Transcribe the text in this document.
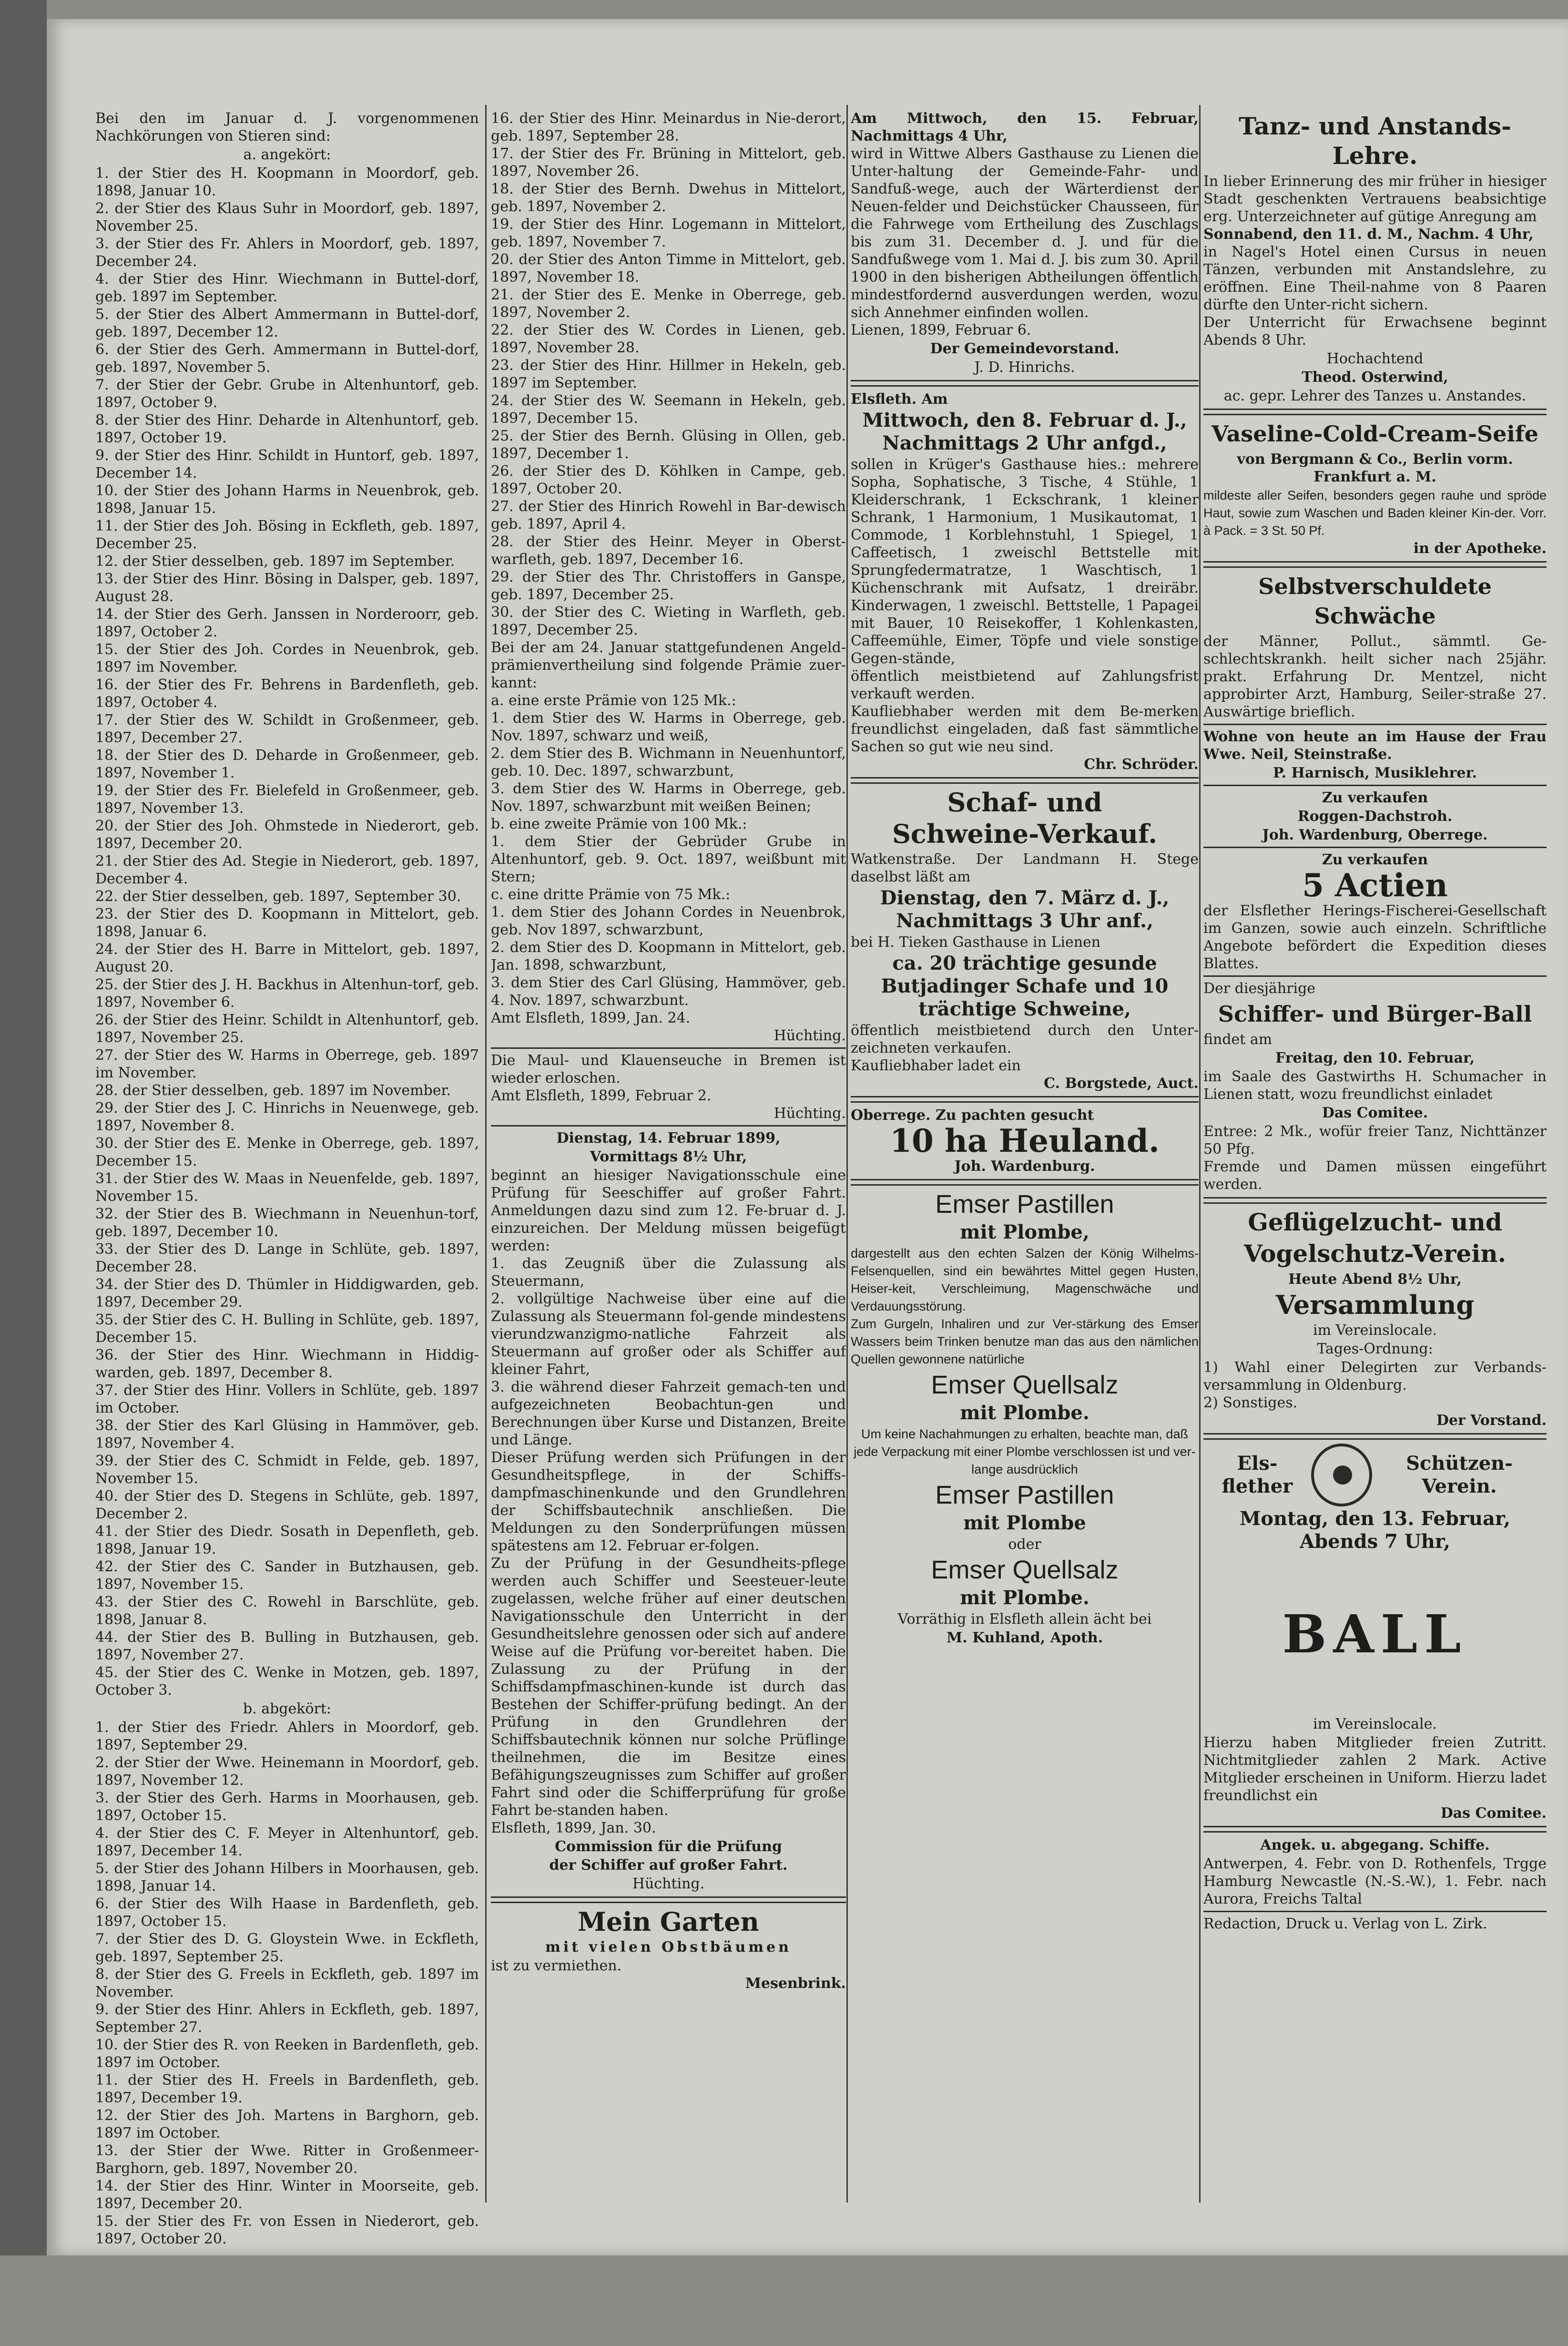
Bei den im Januar d. J. vorgenommenen Nachkörungen von Stieren sind:

a. angekört:

1. der Stier des H. Koopmann in Moordorf, geb. 1898, Januar 10.

2. der Stier des Klaus Suhr in Moordorf, geb. 1897, November 25.

3. der Stier des Fr. Ahlers in Moordorf, geb. 1897, December 24.

4. der Stier des Hinr. Wiechmann in Buttel-dorf, geb. 1897 im September.

5. der Stier des Albert Ammermann in Buttel-dorf, geb. 1897, December 12.

6. der Stier des Gerh. Ammermann in Buttel-dorf, geb. 1897, November 5.

7. der Stier der Gebr. Grube in Altenhuntorf, geb. 1897, October 9.

8. der Stier des Hinr. Deharde in Altenhuntorf, geb. 1897, October 19.

9. der Stier des Hinr. Schildt in Huntorf, geb. 1897, December 14.

10. der Stier des Johann Harms in Neuenbrok, geb. 1898, Januar 15.

11. der Stier des Joh. Bösing in Eckfleth, geb. 1897, December 25.

12. der Stier desselben, geb. 1897 im September.

13. der Stier des Hinr. Bösing in Dalsper, geb. 1897, August 28.

14. der Stier des Gerh. Janssen in Norderoorr, geb. 1897, October 2.

15. der Stier des Joh. Cordes in Neuenbrok, geb. 1897 im November.

16. der Stier des Fr. Behrens in Bardenfleth, geb. 1897, October 4.

17. der Stier des W. Schildt in Großenmeer, geb. 1897, December 27.

18. der Stier des D. Deharde in Großenmeer, geb. 1897, November 1.

19. der Stier des Fr. Bielefeld in Großenmeer, geb. 1897, November 13.

20. der Stier des Joh. Ohmstede in Niederort, geb. 1897, December 20.

21. der Stier des Ad. Stegie in Niederort, geb. 1897, December 4.

22. der Stier desselben, geb. 1897, September 30.

23. der Stier des D. Koopmann in Mittelort, geb. 1898, Januar 6.

24. der Stier des H. Barre in Mittelort, geb. 1897, August 20.

25. der Stier des J. H. Backhus in Altenhun-torf, geb. 1897, November 6.

26. der Stier des Heinr. Schildt in Altenhuntorf, geb. 1897, November 25.

27. der Stier des W. Harms in Oberrege, geb. 1897 im November.

28. der Stier desselben, geb. 1897 im November.

29. der Stier des J. C. Hinrichs in Neuenwege, geb. 1897, November 8.

30. der Stier des E. Menke in Oberrege, geb. 1897, December 15.

31. der Stier des W. Maas in Neuenfelde, geb. 1897, November 15.

32. der Stier des B. Wiechmann in Neuenhun-torf, geb. 1897, December 10.

33. der Stier des D. Lange in Schlüte, geb. 1897, December 28.

34. der Stier des D. Thümler in Hiddigwarden, geb. 1897, December 29.

35. der Stier des C. H. Bulling in Schlüte, geb. 1897, December 15.

36. der Stier des Hinr. Wiechmann in Hiddig-warden, geb. 1897, December 8.

37. der Stier des Hinr. Vollers in Schlüte, geb. 1897 im October.

38. der Stier des Karl Glüsing in Hammöver, geb. 1897, November 4.

39. der Stier des C. Schmidt in Felde, geb. 1897, November 15.

40. der Stier des D. Stegens in Schlüte, geb. 1897, December 2.

41. der Stier des Diedr. Sosath in Depenfleth, geb. 1898, Januar 19.

42. der Stier des C. Sander in Butzhausen, geb. 1897, November 15.

43. der Stier des C. Rowehl in Barschlüte, geb. 1898, Januar 8.

44. der Stier des B. Bulling in Butzhausen, geb. 1897, November 27.

45. der Stier des C. Wenke in Motzen, geb. 1897, October 3.

b. abgekört:

1. der Stier des Friedr. Ahlers in Moordorf, geb. 1897, September 29.

2. der Stier der Wwe. Heinemann in Moordorf, geb. 1897, November 12.

3. der Stier des Gerh. Harms in Moorhausen, geb. 1897, October 15.

4. der Stier des C. F. Meyer in Altenhuntorf, geb. 1897, December 14.

5. der Stier des Johann Hilbers in Moorhausen, geb. 1898, Januar 14.

6. der Stier des Wilh Haase in Bardenfleth, geb. 1897, October 15.

7. der Stier des D. G. Gloystein Wwe. in Eckfleth, geb. 1897, September 25.

8. der Stier des G. Freels in Eckfleth, geb. 1897 im November.

9. der Stier des Hinr. Ahlers in Eckfleth, geb. 1897, September 27.

10. der Stier des R. von Reeken in Bardenfleth, geb. 1897 im October.

11. der Stier des H. Freels in Bardenfleth, geb. 1897, December 19.

12. der Stier des Joh. Martens in Barghorn, geb. 1897 im October.

13. der Stier der Wwe. Ritter in Großenmeer-Barghorn, geb. 1897, November 20.

14. der Stier des Hinr. Winter in Moorseite, geb. 1897, December 20.

15. der Stier des Fr. von Essen in Niederort, geb. 1897, October 20.

16. der Stier des Hinr. Meinardus in Nie-derort, geb. 1897, September 28.

17. der Stier des Fr. Brüning in Mittelort, geb. 1897, November 26.

18. der Stier des Bernh. Dwehus in Mittelort, geb. 1897, November 2.

19. der Stier des Hinr. Logemann in Mittelort, geb. 1897, November 7.

20. der Stier des Anton Timme in Mittelort, geb. 1897, November 18.

21. der Stier des E. Menke in Oberrege, geb. 1897, November 2.

22. der Stier des W. Cordes in Lienen, geb. 1897, November 28.

23. der Stier des Hinr. Hillmer in Hekeln, geb. 1897 im September.

24. der Stier des W. Seemann in Hekeln, geb. 1897, December 15.

25. der Stier des Bernh. Glüsing in Ollen, geb. 1897, December 1.

26. der Stier des D. Köhlken in Campe, geb. 1897, October 20.

27. der Stier des Hinrich Rowehl in Bar-dewisch geb. 1897, April 4.

28. der Stier des Heinr. Meyer in Oberst-warfleth, geb. 1897, December 16.

29. der Stier des Thr. Christoffers in Ganspe, geb. 1897, December 25.

30. der Stier des C. Wieting in Warfleth, geb. 1897, December 25.

Bei der am 24. Januar stattgefundenen Angeld-prämienvertheilung sind folgende Prämie zuer-kannt:

a. eine erste Prämie von 125 Mk.:

1. dem Stier des W. Harms in Oberrege, geb. Nov. 1897, schwarz und weiß,

2. dem Stier des B. Wichmann in Neuenhuntorf, geb. 10. Dec. 1897, schwarzbunt,

3. dem Stier des W. Harms in Oberrege, geb. Nov. 1897, schwarzbunt mit weißen Beinen;

b. eine zweite Prämie von 100 Mk.:

1. dem Stier der Gebrüder Grube in Altenhuntorf, geb. 9. Oct. 1897, weißbunt mit Stern;

c. eine dritte Prämie von 75 Mk.:

1. dem Stier des Johann Cordes in Neuenbrok, geb. Nov 1897, schwarzbunt,

2. dem Stier des D. Koopmann in Mittelort, geb. Jan. 1898, schwarzbunt,

3. dem Stier des Carl Glüsing, Hammöver, geb. 4. Nov. 1897, schwarzbunt.

Amt Elsfleth, 1899, Jan. 24.

Hüchting.

Die Maul- und Klauenseuche in Bremen ist wieder erloschen.

Amt Elsfleth, 1899, Februar 2.

Hüchting.

Dienstag, 14. Februar 1899,

Vormittags 8½ Uhr,

beginnt an hiesiger Navigationsschule eine Prüfung für Seeschiffer auf großer Fahrt. Anmeldungen dazu sind zum 12. Fe-bruar d. J. einzureichen. Der Meldung müssen beigefügt werden:

1. das Zeugniß über die Zulassung als Steuermann,

2. vollgültige Nachweise über eine auf die Zulassung als Steuermann fol-gende mindestens vierundzwanzigmo-natliche Fahrzeit als Steuermann auf großer oder als Schiffer auf kleiner Fahrt,

3. die während dieser Fahrzeit gemach-ten und aufgezeichneten Beobachtun-gen und Berechnungen über Kurse und Distanzen, Breite und Länge.

Dieser Prüfung werden sich Prüfungen in der Gesundheitspflege, in der Schiffs-dampfmaschinenkunde und den Grundlehren der Schiffsbautechnik anschließen. Die Meldungen zu den Sonderprüfungen müssen spätestens am 12. Februar er-folgen.

Zu der Prüfung in der Gesundheits-pflege werden auch Schiffer und Seesteuer-leute zugelassen, welche früher auf einer deutschen Navigationsschule den Unterricht in der Gesundheitslehre genossen oder sich auf andere Weise auf die Prüfung vor-bereitet haben. Die Zulassung zu der Prüfung in der Schiffsdampfmaschinen-kunde ist durch das Bestehen der Schiffer-prüfung bedingt. An der Prüfung in den Grundlehren der Schiffsbautechnik können nur solche Prüflinge theilnehmen, die im Besitze eines Befähigungszeugnisses zum Schiffer auf großer Fahrt sind oder die Schifferprüfung für große Fahrt be-standen haben.

Elsfleth, 1899, Jan. 30.

Commission für die Prüfung

der Schiffer auf großer Fahrt.

Hüchting.

Mein Garten

mit vielen Obstbäumen

ist zu vermiethen.

Mesenbrink.

Am Mittwoch, den 15. Februar, Nachmittags 4 Uhr,

wird in Wittwe Albers Gasthause zu Lienen die Unter-haltung der Gemeinde-Fahr- und Sandfuß-wege, auch der Wärterdienst der Neuen-felder und Deichstücker Chausseen, für die Fahrwege vom Ertheilung des Zuschlags bis zum 31. December d. J. und für die Sandfußwege vom 1. Mai d. J. bis zum 30. April 1900 in den bisherigen Abtheilungen öffentlich mindestfordernd ausverdungen werden, wozu sich Annehmer einfinden wollen.

Lienen, 1899, Februar 6.

Der Gemeindevorstand.

J. D. Hinrichs.

Elsfleth. Am

Mittwoch, den 8. Februar d. J., Nachmittags 2 Uhr anfgd.,

sollen in Krüger's Gasthause hies.: mehrere Sopha, Sophatische, 3 Tische, 4 Stühle, 1 Kleiderschrank, 1 Eckschrank, 1 kleiner Schrank, 1 Harmonium, 1 Musikautomat, 1 Commode, 1 Korblehnstuhl, 1 Spiegel, 1 Caffeetisch, 1 zweischl Bettstelle mit Sprungfedermatratze, 1 Waschtisch, 1 Küchenschrank mit Aufsatz, 1 dreiräbr. Kinderwagen, 1 zweischl. Bettstelle, 1 Papagei mit Bauer, 10 Reisekoffer, 1 Kohlenkasten, Caffeemühle, Eimer, Töpfe und viele sonstige Gegen-stände,

öffentlich meistbietend auf Zahlungsfrist verkauft werden.

Kaufliebhaber werden mit dem Be-merken freundlichst eingeladen, daß fast sämmtliche Sachen so gut wie neu sind.

Chr. Schröder.

Schaf- und

Schweine-Verkauf.

Watkenstraße. Der Landmann H. Stege daselbst läßt am

Dienstag, den 7. März d. J., Nachmittags 3 Uhr anf.,

bei H. Tieken Gasthause in Lienen

ca. 20 trächtige gesunde Butjadinger Schafe und 10 trächtige Schweine,

öffentlich meistbietend durch den Unter-zeichneten verkaufen.

Kaufliebhaber ladet ein

C. Borgstede, Auct.

Oberrege. Zu pachten gesucht

10 ha Heuland.

Joh. Wardenburg.

Emser Pastillen

mit Plombe,

dargestellt aus den echten Salzen der König Wilhelms-Felsenquellen, sind ein bewährtes Mittel gegen Husten, Heiser-keit, Verschleimung, Magenschwäche und Verdauungsstörung.

Zum Gurgeln, Inhaliren und zur Ver-stärkung des Emser Wassers beim Trinken benutze man das aus den nämlichen Quellen gewonnene natürliche

Emser Quellsalz

mit Plombe.

Um keine Nachahmungen zu erhalten, beachte man, daß jede Verpackung mit einer Plombe verschlossen ist und ver-lange ausdrücklich

Emser Pastillen

mit Plombe

oder

Emser Quellsalz

mit Plombe.

Vorräthig in Elsfleth allein ächt bei

M. Kuhland, Apoth.

Tanz- und Anstands-Lehre.

In lieber Erinnerung des mir früher in hiesiger Stadt geschenkten Vertrauens beabsichtige erg. Unterzeichneter auf gütige Anregung am

Sonnabend, den 11. d. M., Nachm. 4 Uhr,

in Nagel's Hotel einen Cursus in neuen Tänzen, verbunden mit Anstandslehre, zu eröffnen. Eine Theil-nahme von 8 Paaren dürfte den Unter-richt sichern.

Der Unterricht für Erwachsene beginnt Abends 8 Uhr.

Hochachtend

Theod. Osterwind,

ac. gepr. Lehrer des Tanzes u. Anstandes.

Vaseline-Cold-Cream-Seife

von Bergmann & Co., Berlin vorm. Frankfurt a. M.

mildeste aller Seifen, besonders gegen rauhe und spröde Haut, sowie zum Waschen und Baden kleiner Kin-der. Vorr. à Pack. = 3 St. 50 Pf.

in der Apotheke.

Selbstverschuldete Schwäche

der Männer, Pollut., sämmtl. Ge-schlechtskrankh. heilt sicher nach 25jähr. prakt. Erfahrung Dr. Mentzel, nicht approbirter Arzt, Hamburg, Seiler-straße 27. Auswärtige brieflich.

Wohne von heute an im Hause der Frau Wwe. Neil, Steinstraße.

P. Harnisch, Musiklehrer.

Zu verkaufen

Roggen-Dachstroh.

Joh. Wardenburg, Oberrege.

Zu verkaufen

5 Actien

der Elsflether Herings-Fischerei-Gesellschaft im Ganzen, sowie auch einzeln. Schriftliche Angebote befördert die Expedition dieses Blattes.

Der diesjährige

Schiffer- und Bürger-Ball

findet am

Freitag, den 10. Februar,

im Saale des Gastwirths H. Schumacher in Lienen statt, wozu freundlichst einladet

Das Comitee.

Entree: 2 Mk., wofür freier Tanz, Nichttänzer 50 Pfg.

Fremde und Damen müssen eingeführt werden.

Geflügelzucht- und

Vogelschutz-Verein.

Heute Abend 8½ Uhr,

Versammlung

im Vereinslocale.

Tages-Ordnung:

1) Wahl einer Delegirten zur Verbands-versammlung in Oldenburg.

2) Sonstiges.

Der Vorstand.

Els-flether
Schützen-Verein.

Montag, den 13. Februar, Abends 7 Uhr,

BALL

im Vereinslocale.

Hierzu haben Mitglieder freien Zutritt. Nichtmitglieder zahlen 2 Mark. Active Mitglieder erscheinen in Uniform. Hierzu ladet freundlichst ein

Das Comitee.

Angek. u. abgegang. Schiffe.

Antwerpen, 4. Febr. von D. Rothenfels, Trgge Hamburg Newcastle (N.-S.-W.), 1. Febr. nach Aurora, Freichs Taltal

Redaction, Druck u. Verlag von L. Zirk.
